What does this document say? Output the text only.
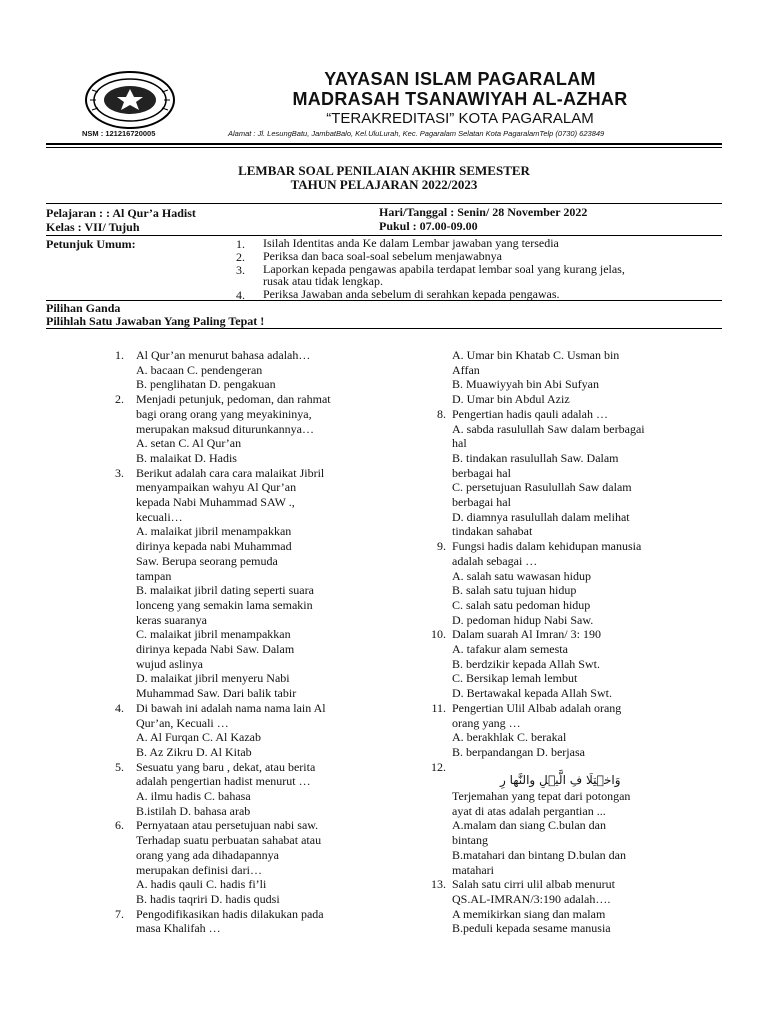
NSM : 121216720005
YAYASAN ISLAM PAGARALAM
MADRASAH TSANAWIYAH AL-AZHAR
“TERAKREDITASI” KOTA PAGARALAM
Alamat : Jl. LesungBatu, JambatBalo, Kel.UluLurah, Kec. Pagaralam Selatan Kota PagaralamTelp (0730) 623849
LEMBAR SOAL PENILAIAN AKHIR SEMESTER
TAHUN PELAJARAN 2022/2023
Pelajaran : : Al Qur’a Hadist
Kelas : VII/ Tujuh
Hari/Tanggal : Senin/ 28 November 2022
Pukul : 07.00-09.00
Petunjuk Umum:	1. Isilah Identitas anda Ke dalam Lembar jawaban yang tersedia
2. Periksa dan baca soal-soal sebelum menjawabnya
3. Laporkan kepada pengawas apabila terdapat lembar soal yang kurang jelas,
rusak atau tidak lengkap.
4. Periksa Jawaban anda sebelum di serahkan kepada pengawas.
Pilihan Ganda
Pilihlah Satu Jawaban Yang Paling Tepat !
1. Al Qur’an menurut bahasa adalah…
A. bacaan C. pendengeran
B. penglihatan D. pengakuan
2. Menjadi petunjuk, pedoman, dan rahmat
bagi orang orang yang meyakininya,
merupakan maksud diturunkannya…
A. setan C. Al Qur’an
B. malaikat D. Hadis
3. Berikut adalah cara cara malaikat Jibril
menyampaikan wahyu Al Qur’an
kepada Nabi Muhammad SAW .,
kecuali…
A. malaikat jibril menampakkan
dirinya kepada nabi Muhammad
Saw. Berupa seorang pemuda
tampan
B. malaikat jibril dating seperti suara
lonceng yang semakin lama semakin
keras suaranya
C. malaikat jibril menampakkan
dirinya kepada Nabi Saw. Dalam
wujud aslinya
D. malaikat jibril menyeru Nabi
Muhammad Saw. Dari balik tabir
4. Di bawah ini adalah nama nama lain Al
Qur’an, Kecuali …
A. Al Furqan C. Al Kazab
B. Az Zikru D. Al Kitab
5. Sesuatu yang baru , dekat, atau berita
adalah pengertian hadist menurut …
A. ilmu hadis C. bahasa
B.istilah D. bahasa arab
6. Pernyataan atau persetujuan nabi saw.
Terhadap suatu perbuatan sahabat atau
orang yang ada dihadapannya
merupakan definisi dari…
A. hadis qauli C. hadis fi’li
B. hadis taqriri D. hadis qudsi
7. Pengodifikasikan hadis dilakukan pada
masa Khalifah …
A. Umar bin Khatab C. Usman bin
Affan
B. Muawiyyah bin Abi Sufyan
D. Umar bin Abdul Aziz
8. Pengertian hadis qauli adalah …
A. sabda rasulullah Saw dalam berbagai
hal
B. tindakan rasulullah Saw. Dalam
berbagai hal
C. persetujuan Rasulullah Saw dalam
berbagai hal
D. diamnya rasulullah dalam melihat
tindakan sahabat
9. Fungsi hadis dalam kehidupan manusia
adalah sebagai …
A. salah satu wawasan hidup
B. salah satu tujuan hidup
C. salah satu pedoman hidup
D. pedoman hidup Nabi Saw.
10. Dalam suarah Al Imran/ 3: 190
A. tafakur alam semesta
B. berdzikir kepada Allah Swt.
C. Bersikap lemah lembut
D. Bertawakal kepada Allah Swt.
11. Pengertian Ulil Albab adalah orang
orang yang …
A. berakhlak C. berakal
B. berpandangan D. berjasa
12.
Terjemahan yang tepat dari potongan
ayat di atas adalah pergantian ...
A.malam dan siang C.bulan dan
bintang
B.matahari dan bintang D.bulan dan
matahari
13. Salah satu cirri ulil albab menurut
QS.AL-IMRAN/3:190 adalah….
A memikirkan siang dan malam
B.peduli kepada sesame manusia
وَاخۡتِلَا فِ الَّيۡلِ والنَّها رِ
